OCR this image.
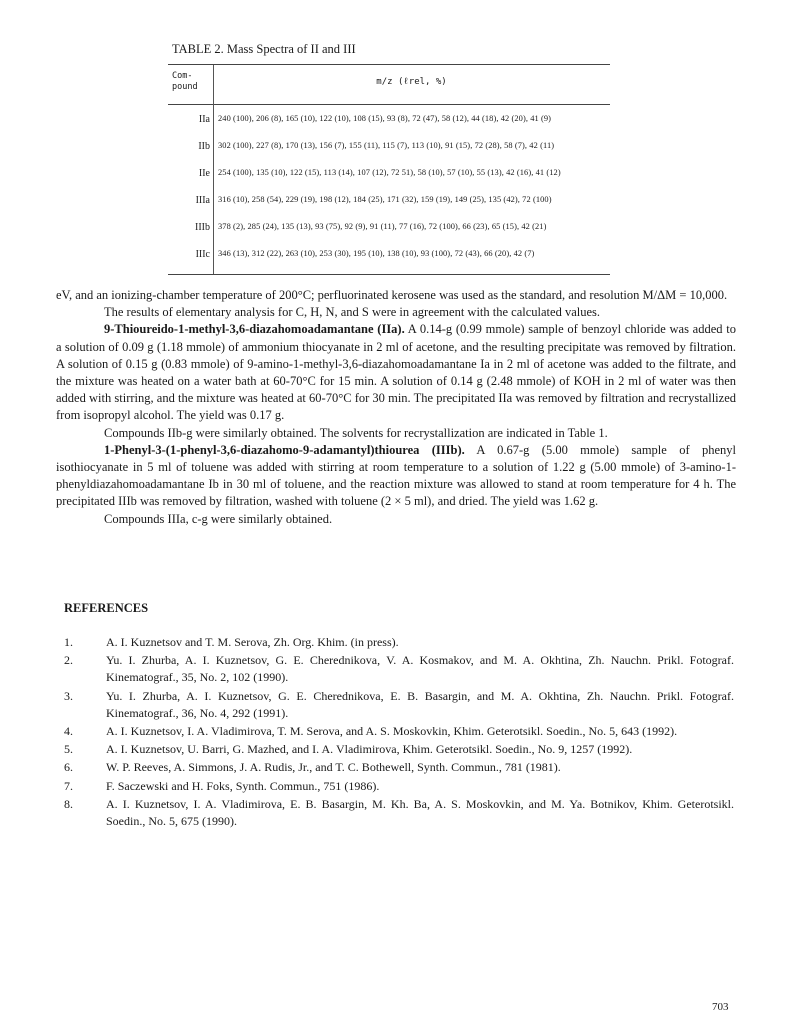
TABLE 2. Mass Spectra of II and III
Com-
pound	m/z (ℓrel, %)
IIa 240 (100), 206 (8), 165 (10), 122 (10), 108 (15), 93 (8), 72 (47), 58 (12), 44 (18), 42 (20), 41 (9)
IIb 302 (100), 227 (8), 170 (13), 156 (7), 155 (11), 115 (7), 113 (10), 91 (15), 72 (28), 58 (7), 42 (11)
IIe 254 (100), 135 (10), 122 (15), 113 (14), 107 (12), 72 51), 58 (10), 57 (10), 55 (13), 42 (16), 41 (12)
IIIa 316 (10), 258 (54), 229 (19), 198 (12), 184 (25), 171 (32), 159 (19), 149 (25), 135 (42), 72 (100)
IIIb 378 (2), 285 (24), 135 (13), 93 (75), 92 (9), 91 (11), 77 (16), 72 (100), 66 (23), 65 (15), 42 (21)
IIIc 346 (13), 312 (22), 263 (10), 253 (30), 195 (10), 138 (10), 93 (100), 72 (43), 66 (20), 42 (7)

eV, and an ionizing-chamber temperature of 200°C; perfluorinated kerosene was used as the standard, and resolution M/ΔM = 10,000.

The results of elementary analysis for C, H, N, and S were in agreement with the calculated values.

9-Thioureido-1-methyl-3,6-diazahomoadamantane (IIa). A 0.14-g (0.99 mmole) sample of benzoyl chloride was added to a solution of 0.09 g (1.18 mmole) of ammonium thiocyanate in 2 ml of acetone, and the resulting precipitate was removed by filtration. A solution of 0.15 g (0.83 mmole) of 9-amino-1-methyl-3,6-diazahomoadamantane Ia in 2 ml of acetone was added to the filtrate, and the mixture was heated on a water bath at 60-70°C for 15 min. A solution of 0.14 g (2.48 mmole) of KOH in 2 ml of water was then added with stirring, and the mixture was heated at 60-70°C for 30 min. The precipitated IIa was removed by filtration and recrystallized from isopropyl alcohol. The yield was 0.17 g.

Compounds IIb-g were similarly obtained. The solvents for recrystallization are indicated in Table 1.

1-Phenyl-3-(1-phenyl-3,6-diazahomo-9-adamantyl)thiourea (IIIb). A 0.67-g (5.00 mmole) sample of phenyl isothiocyanate in 5 ml of toluene was added with stirring at room temperature to a solution of 1.22 g (5.00 mmole) of 3-amino-1-phenyldiazahomoadamantane Ib in 30 ml of toluene, and the reaction mixture was allowed to stand at room temperature for 4 h. The precipitated IIIb was removed by filtration, washed with toluene (2 × 5 ml), and dried. The yield was 1.62 g.

Compounds IIIa, c-g were similarly obtained.

REFERENCES
1.	A. I. Kuznetsov and T. M. Serova, Zh. Org. Khim. (in press).
2.	Yu. I. Zhurba, A. I. Kuznetsov, G. E. Cherednikova, V. A. Kosmakov, and M. A. Okhtina, Zh. Nauchn. Prikl. Fotograf. Kinematograf., 35, No. 2, 102 (1990).
3.	Yu. I. Zhurba, A. I. Kuznetsov, G. E. Cherednikova, E. B. Basargin, and M. A. Okhtina, Zh. Nauchn. Prikl. Fotograf. Kinematograf., 36, No. 4, 292 (1991).
4.	A. I. Kuznetsov, I. A. Vladimirova, T. M. Serova, and A. S. Moskovkin, Khim. Geterotsikl. Soedin., No. 5, 643 (1992).
5.	A. I. Kuznetsov, U. Barri, G. Mazhed, and I. A. Vladimirova, Khim. Geterotsikl. Soedin., No. 9, 1257 (1992).
6.	W. P. Reeves, A. Simmons, J. A. Rudis, Jr., and T. C. Bothewell, Synth. Commun., 781 (1981).
7.	F. Saczewski and H. Foks, Synth. Commun., 751 (1986).
8.	A. I. Kuznetsov, I. A. Vladimirova, E. B. Basargin, M. Kh. Ba, A. S. Moskovkin, and M. Ya. Botnikov, Khim. Geterotsikl. Soedin., No. 5, 675 (1990).
703
